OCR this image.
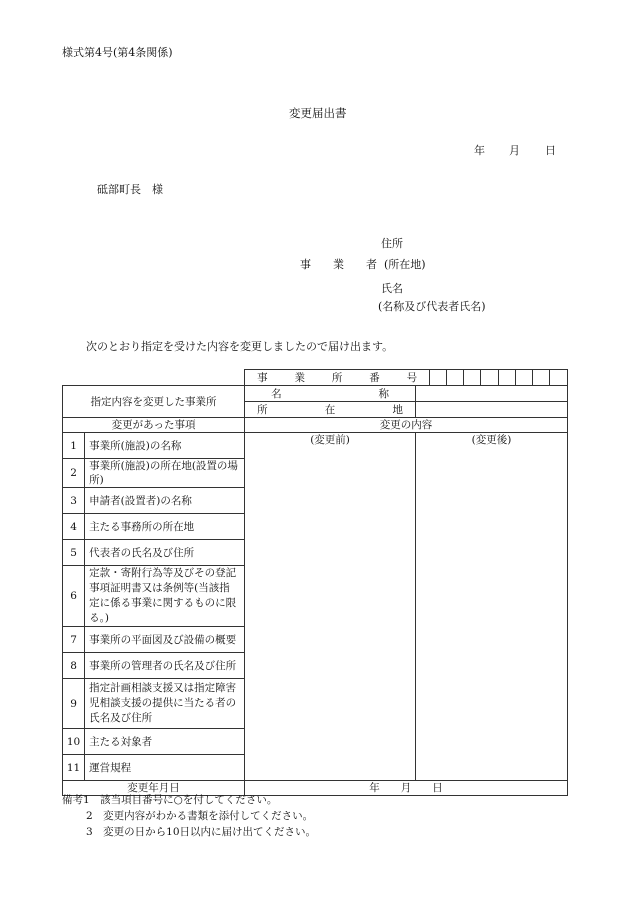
様式第4号(第4条関係)
変更届出書
年 月 日
砥部町長　様
住所
事　　業　　者 (所在地)
氏名
(名称及び代表者氏名)
次のとおり指定を受けた内容を変更しましたので届け出ます。
		事　業　所　番　号									
指定内容を変更した事業所		名　　　　称									
		所　　在　　地									
変更があった事項		変更の内容									
1	事業所(施設)の名称	(変更前)	(変更後)								
2	事業所(施設)の所在地(設置の場所)										
3	申請者(設置者)の名称										
4	主たる事務所の所在地										
5	代表者の氏名及び住所										
6	定款・寄附行為等及びその登記事項証明書又は条例等(当該指定に係る事業に関するものに限る。)										
7	事業所の平面図及び設備の概要										
8	事業所の管理者の氏名及び住所										
9	指定計画相談支援又は指定障害児相談支援の提供に当たる者の氏名及び住所										
10	主たる対象者										
11	運営規程										
変更年月日		年　　月　　日									
備考1　該当項目番号に○を付してください。
2　変更内容がわかる書類を添付してください。
3　変更の日から10日以内に届け出てください。
